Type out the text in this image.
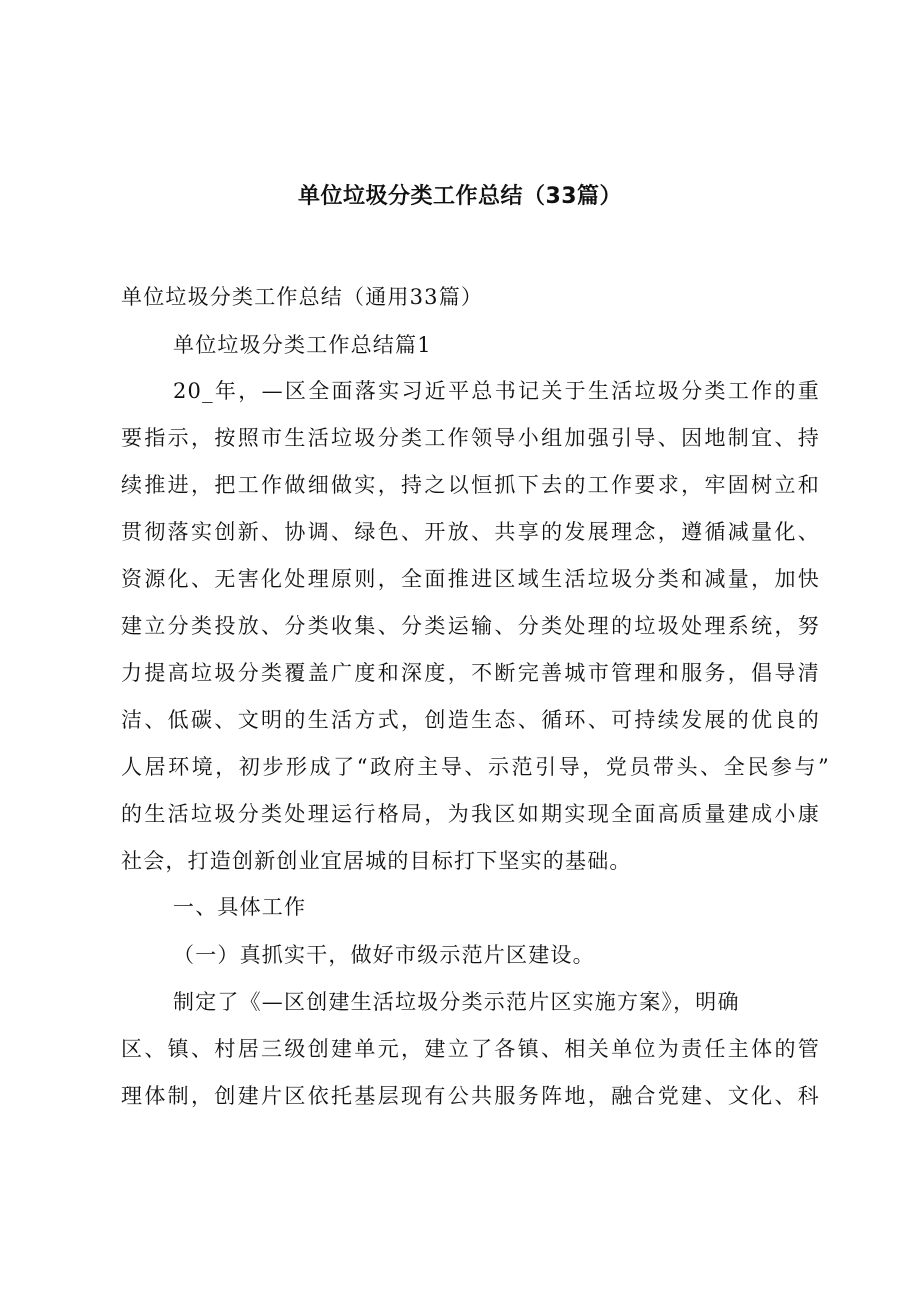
单位垃圾分类工作总结（33篇）
单位垃圾分类工作总结（通用33篇）
单位垃圾分类工作总结篇1
20_年，—区全面落实习近平总书记关于生活垃圾分类工作的重
要指示，按照市生活垃圾分类工作领导小组加强引导、因地制宜、持
续推进，把工作做细做实，持之以恒抓下去的工作要求，牢固树立和
贯彻落实创新、协调、绿色、开放、共享的发展理念，遵循减量化、
资源化、无害化处理原则，全面推进区域生活垃圾分类和减量，加快
建立分类投放、分类收集、分类运输、分类处理的垃圾处理系统，努
力提高垃圾分类覆盖广度和深度，不断完善城市管理和服务，倡导清
洁、低碳、文明的生活方式，创造生态、循环、可持续发展的优良的
人居环境，初步形成了“政府主导、示范引导，党员带头、全民参与”
的生活垃圾分类处理运行格局，为我区如期实现全面高质量建成小康
社会，打造创新创业宜居城的目标打下坚实的基础。
一、具体工作
（一）真抓实干，做好市级示范片区建设。
制定了《—区创建生活垃圾分类示范片区实施方案》，明确
区、镇、村居三级创建单元，建立了各镇、相关单位为责任主体的管
理体制，创建片区依托基层现有公共服务阵地，融合党建、文化、科
